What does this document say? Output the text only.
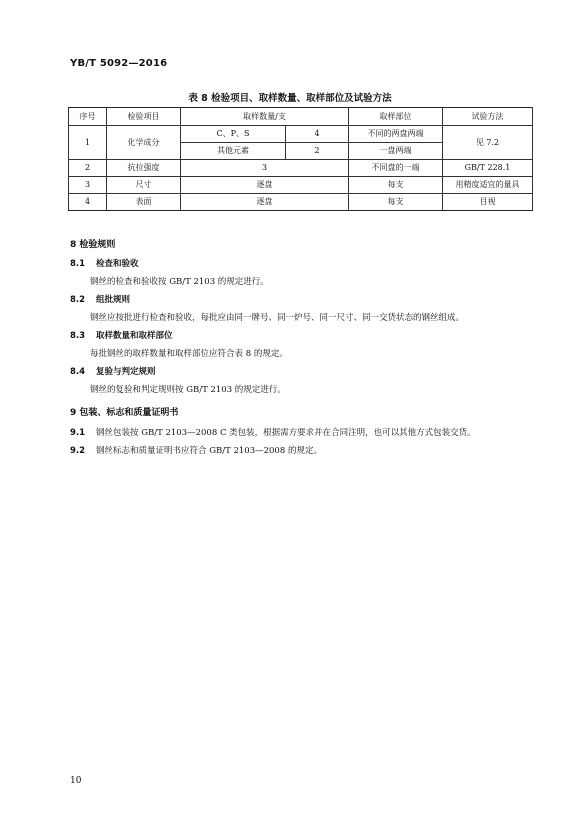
YB/T 5092—2016
表 8 检验项目、取样数量、取样部位及试验方法
序号	检验项目	取样数量/支		取样部位	试验方法
1	化学成分	C、P、S	4	不同的两盘两端	见 7.2
		其他元素	2	一盘两端	
2	抗拉强度	3		不同盘的一端	GB/T 228.1
3	尺寸	逐盘		每支	用精度适宜的量具
4	表面	逐盘		每支	目视
8 检验规则
8.1 检查和验收
钢丝的检查和验收按 GB/T 2103 的规定进行。
8.2 组批规则
钢丝应按批进行检查和验收，每批应由同一牌号、同一炉号、同一尺寸、同一交货状态的钢丝组成。
8.3 取样数量和取样部位
每批钢丝的取样数量和取样部位应符合表 8 的规定。
8.4 复验与判定规则
钢丝的复验和判定规则按 GB/T 2103 的规定进行。
9 包装、标志和质量证明书
9.1 钢丝包装按 GB/T 2103—2008 C 类包装，根据需方要求并在合同注明，也可以其他方式包装交货。
9.2 钢丝标志和质量证明书应符合 GB/T 2103—2008 的规定。
10
